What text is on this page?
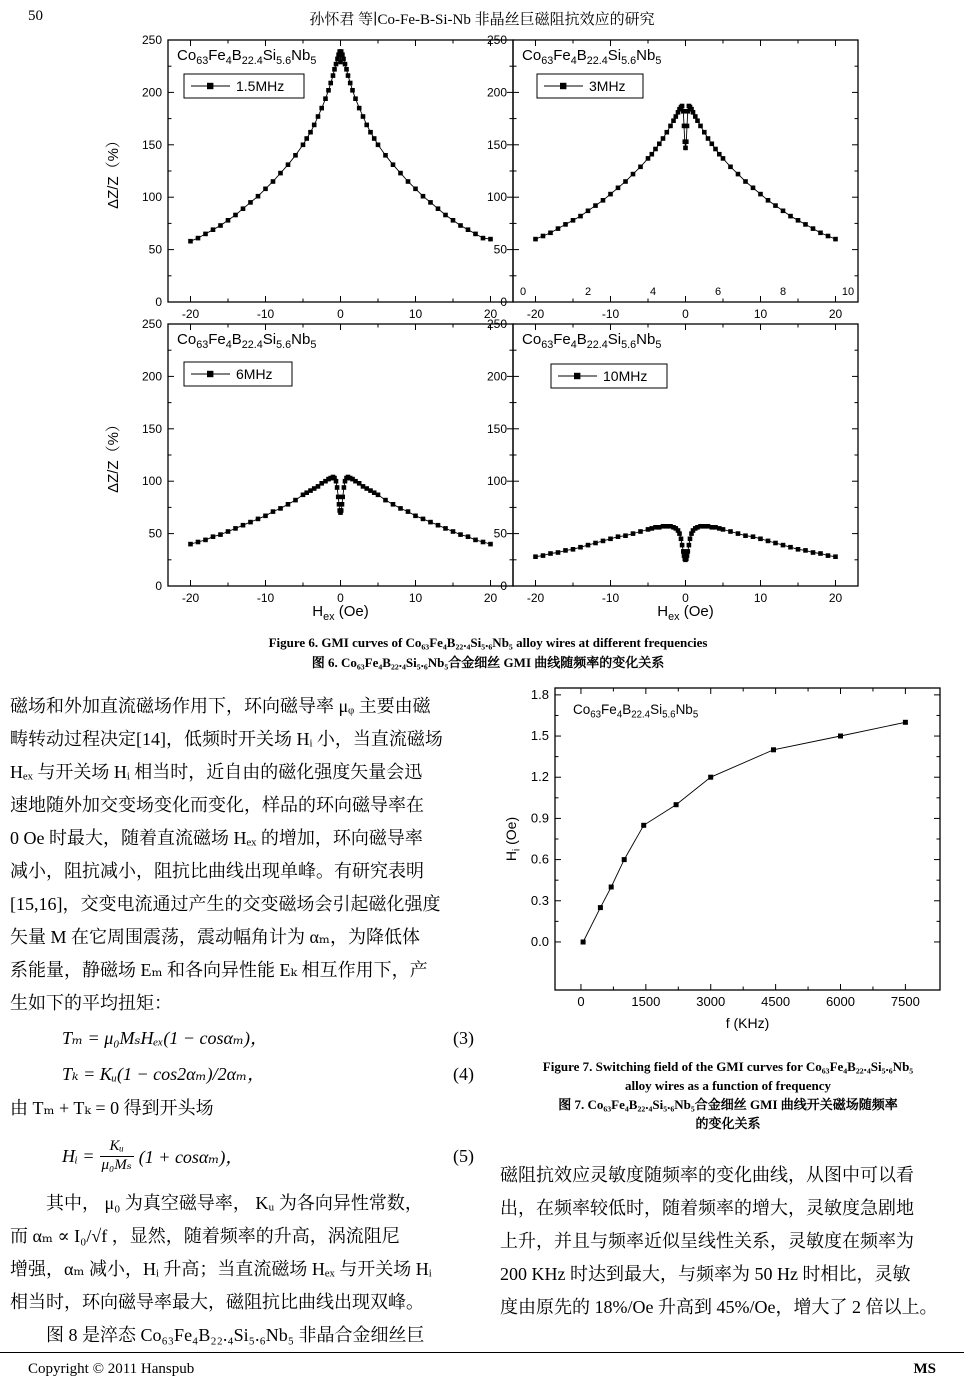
50	孙怀君 等∣Co-Fe-B-Si-Nb 非晶丝巨磁阻抗效应的研究
-20	-10	0	10	20
0
50
100
150
200
250
$Co_{63}Fe_4B_{22.4}Si_{5.6}Nb_5$
1.5MHz
-20	-10	0	10	20
0
50
100
150
200
250
0	2	4	6	8	10
$Co_{63}Fe_4B_{22.4}Si_{5.6}Nb_5$
3MHz
-20	-10	0	10	20
0
50
100
150
200
250
$Co_{63}Fe_4B_{22.4}Si_{5.6}Nb_5$
6MHz
-20	-10	0	10	20
0
50
100
150
200
250
$Co_{63}Fe_4B_{22.4}Si_{5.6}Nb_5$
10MHz
ΔZ/Z（%）
ΔZ/Z（%）
$H_{ex}$ (Oe)	$H_{ex}$ (Oe)
Figure 6. GMI curves of Co₆₃Fe₄B₂₂.₄Si₅.₆Nb₅ alloy wires at different frequencies
图 6. Co₆₃Fe₄B₂₂.₄Si₅.₆Nb₅合金细丝 GMI 曲线随频率的变化关系
磁场和外加直流磁场作用下，环向磁导率 μᵩ 主要由磁
畴转动过程决定[14]，低频时开关场 Hᵢ 小，当直流磁场
Hₑₓ 与开关场 Hᵢ 相当时，近自由的磁化强度矢量会迅
速地随外加交变场变化而变化，样品的环向磁导率在
0 Oe 时最大，随着直流磁场 Hₑₓ 的增加，环向磁导率
减小，阻抗减小，阻抗比曲线出现单峰。有研究表明
[15,16]，交变电流通过产生的交变磁场会引起磁化强度
矢量 M 在它周围震荡，震动幅角计为 αₘ，为降低体
系能量，静磁场 Eₘ 和各向异性能 Eₖ 相互作用下，产
生如下的平均扭矩：
Tₘ = μ₀MₛHₑₓ(1 − cosαₘ)，	(3)
Tₖ = Kᵤ(1 − cos2αₘ)/2αₘ，	(4)
由 Tₘ + Tₖ = 0 得到开头场
Hᵢ = $\frac{\text{Kᵤ}}{\text{μ₀Mₛ}} (1 + \cos\alpha_m)$，	(5)
　　其中， μ₀ 为真空磁导率， Kᵤ 为各向异性常数，
而 αₘ ∝ I₀/√f ，显然，随着频率的升高，涡流阻尼
增强，αₘ 减小，Hᵢ 升高；当直流磁场 Hₑₓ 与开关场 Hᵢ
相当时，环向磁导率最大，磁阻抗比曲线出现双峰。
　　图 8 是淬态 Co₆₃Fe₄B₂₂.₄Si₅.₆Nb₅ 非晶合金细丝巨
0	1500	3000	4500	6000	7500
0.0
0.3
0.6
0.9
1.2
1.5
1.8
$Co_{63}Fe_4B_{22.4}Si_{5.6}Nb_5$
$H_i$ (Oe)
f (KHz)
Figure 7. Switching field of the GMI curves for Co₆₃Fe₄B₂₂.₄Si₅.₆Nb₅
alloy wires as a function of frequency
图 7. Co₆₃Fe₄B₂₂.₄Si₅.₆Nb₅合金细丝 GMI 曲线开关磁场随频率
的变化关系
磁阻抗效应灵敏度随频率的变化曲线，从图中可以看
出，在频率较低时，随着频率的增大，灵敏度急剧地
上升，并且与频率近似呈线性关系，灵敏度在频率为
200 KHz 时达到最大，与频率为 50 Hz 时相比，灵敏
度由原先的 18%/Oe 升高到 45%/Oe，增大了 2 倍以上。
Copyright © 2011 Hanspub	MS
